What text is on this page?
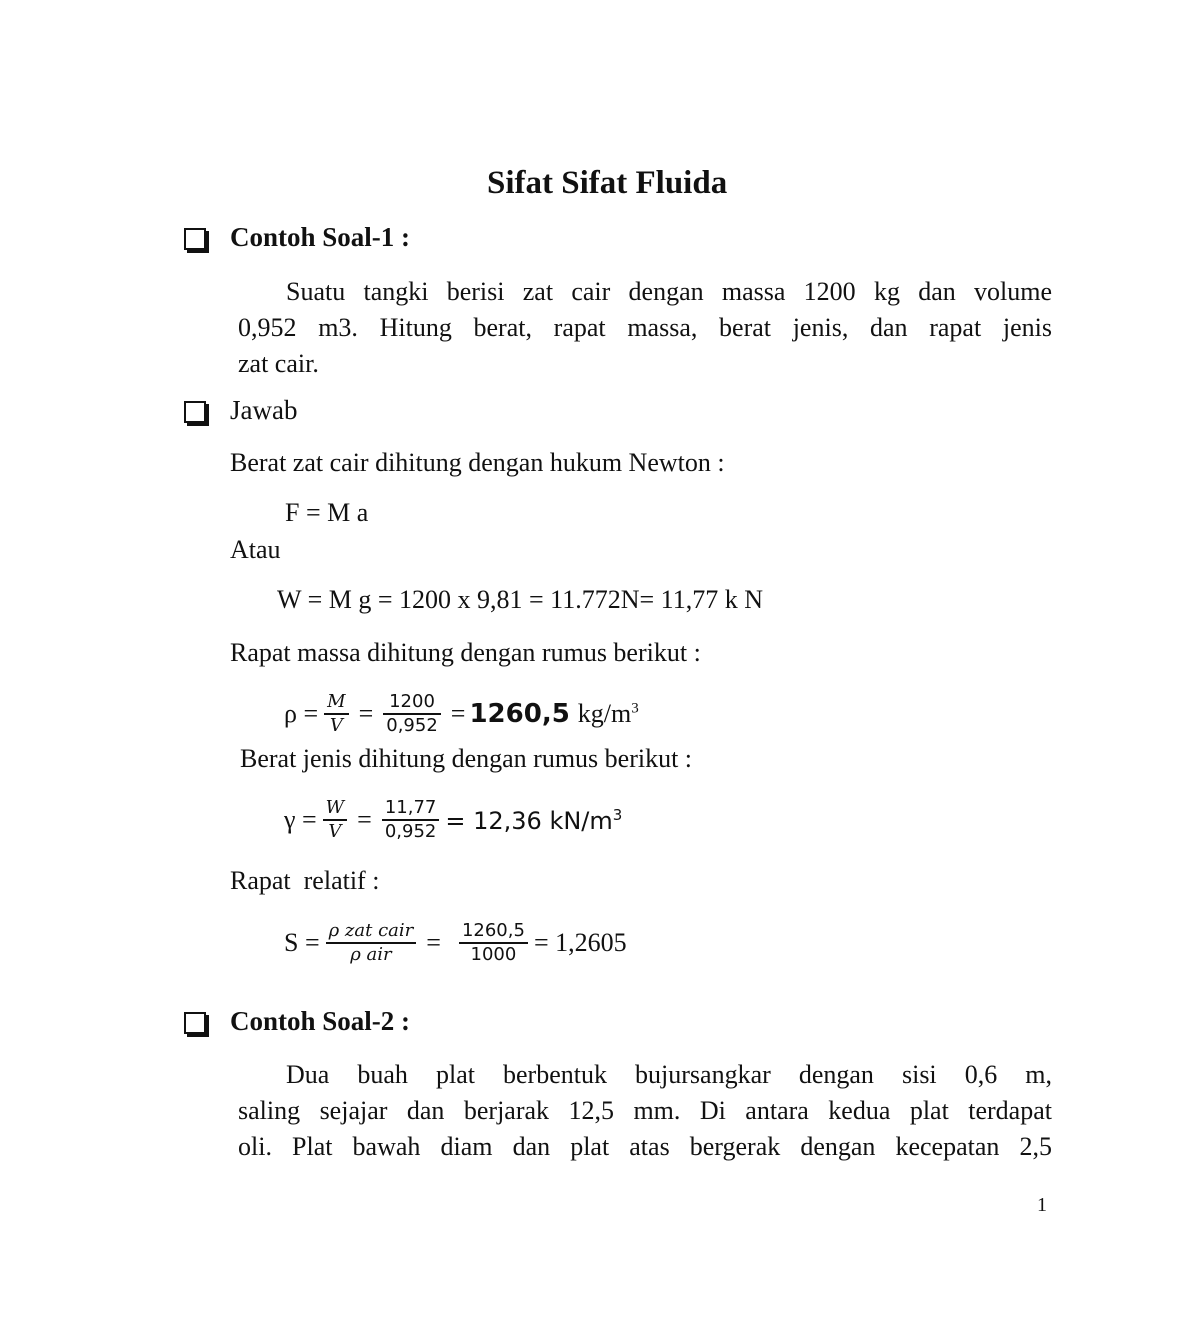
Sifat Sifat Fluida
Contoh Soal-1 :
Suatu tangki berisi zat cair dengan massa 1200 kg dan volume
0,952 m3. Hitung berat, rapat massa, berat jenis, dan rapat jenis
zat cair.
Jawab
Berat zat cair dihitung dengan hukum Newton :
F = M a
Atau
W = M g = 1200 x 9,81 = 11.772N= 11,77 k N
Rapat massa dihitung dengan rumus berikut :
$\rho = \frac{M}{V} = \frac{1200}{0,952} = 1260,5$ $kg/m^3$
Berat jenis dihitung dengan rumus berikut :
$\gamma = \frac{W}{V} = \frac{11,77}{0,952} = 12,36$ $kN/m^3$
Rapat  relatif :
$S = \frac{\text{ρ zat cair}}{\text{ρ air}} = \frac{1260,5}{1000} = 1,2605$
Contoh Soal-2 :
Dua buah plat berbentuk bujursangkar dengan sisi 0,6 m,
saling sejajar dan berjarak 12,5 mm. Di antara kedua plat terdapat
oli. Plat bawah diam dan plat atas bergerak dengan kecepatan 2,5
1
